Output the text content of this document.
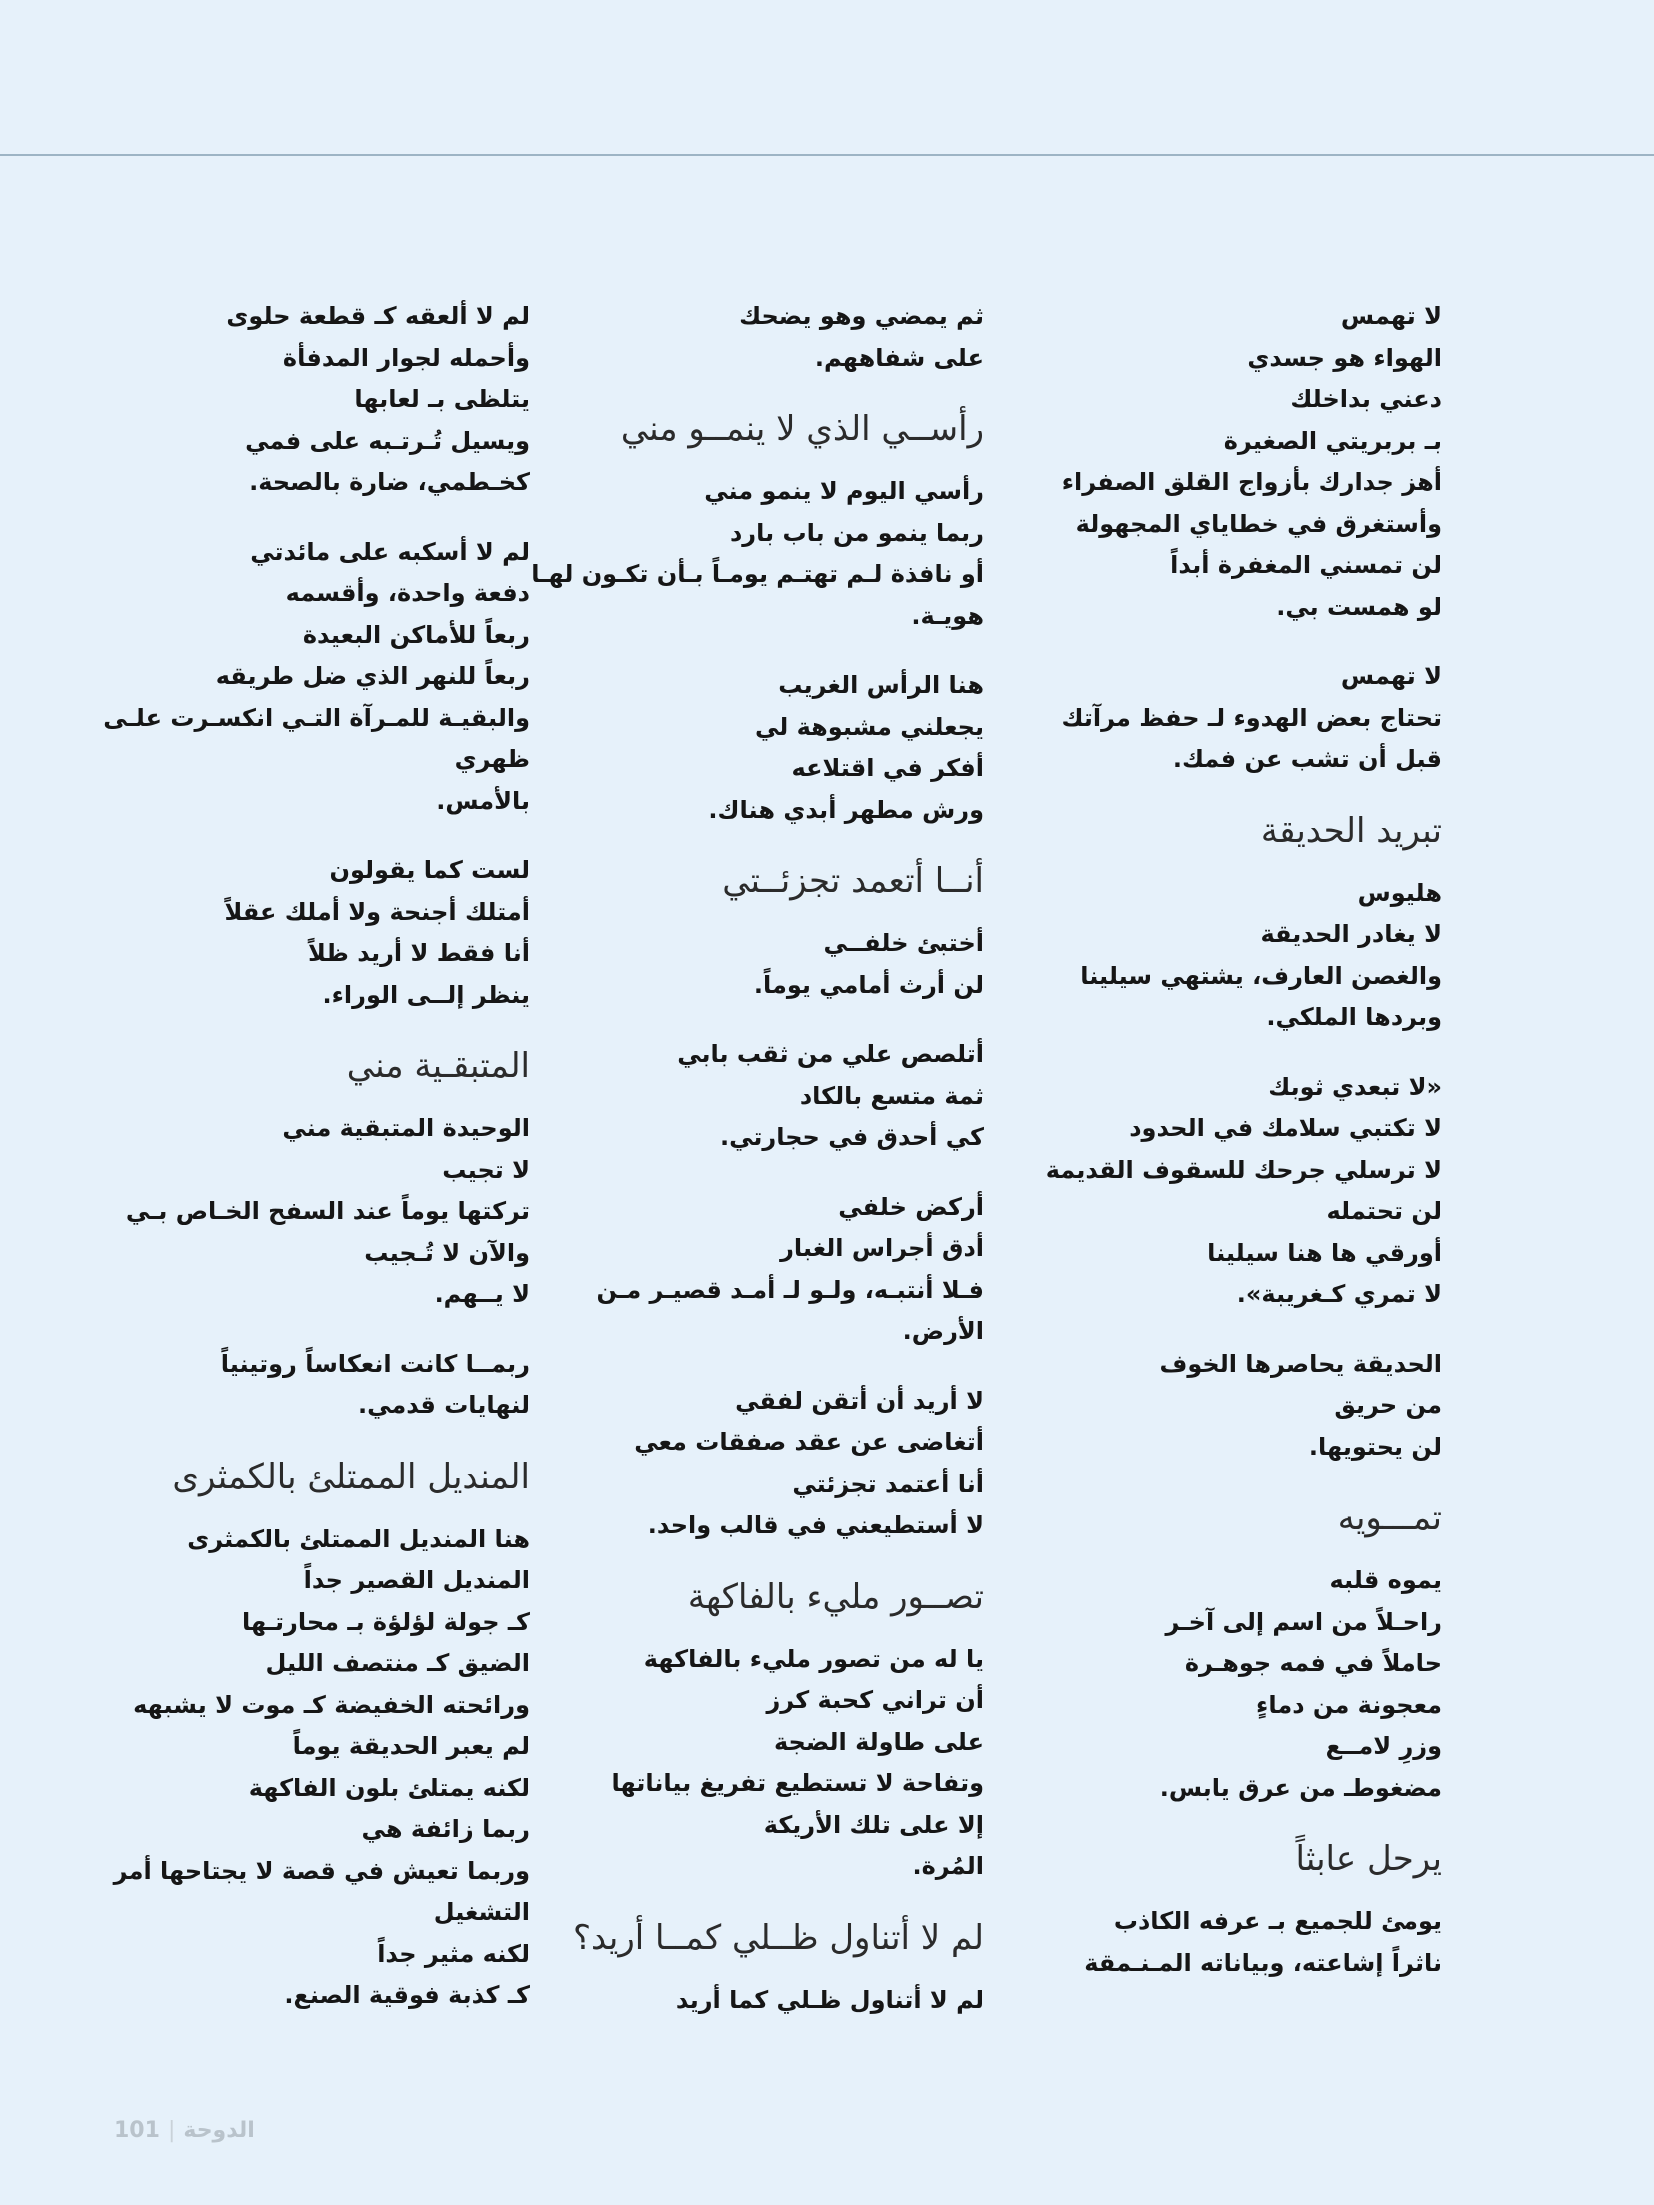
لا تهمس
الهواء هو جسدي
دعني بداخلك
بـ بربريتي الصغيرة
أهز جدارك بأزواج القلق الصفراء
وأستغرق في خطاياي المجهولة
لن تمسني المغفرة أبداً
لو همست بي.
لا تهمس
تحتاج بعض الهدوء لـ حفظ مرآتك
قبل أن تشب عن فمك.
تبريد الحديقة
هليوس
لا يغادر الحديقة
والغصن العارف، يشتهي سيلينا
وبردها الملكي.
«لا تبعدي ثوبك
لا تكتبي سلامك في الحدود
لا ترسلي جرحك للسقوف القديمة
لن تحتمله
أورقي ها هنا سيلينا
لا تمري كـغريبة».
الحديقة يحاصرها الخوف
من حريق
لن يحتويها.
تمـــويه
يموه قلبه
راحـلاً من اسم إلى آخـر
حاملاً في فمه جوهـرة
معجونة من دماءٍ
وزرِ لامــع
مضغوطـ من عرق يابس.
يرحل عابثاً
يومئ للجميع بـ عرفه الكاذب
ناثراً إشاعته، وبياناته المـنـمقة
ثم يمضي وهو يضحك
على شفاههم.
رأســي الذي لا ينمــو مني
رأسي اليوم لا ينمو مني
ربما ينمو من باب بارد
أو نافذة لـم تهتـم يومـاً بـأن تكـون لهـا
هويـة.
هنا الرأس الغريب
يجعلني مشبوهة لي
أفكر في اقتلاعه
ورش مطهر أبدي هناك.
أنــا أتعمد تجزئــتي
أختبئ خلفــي
لن أرث أمامي يوماً.
أتلصص علي من ثقب بابي
ثمة متسع بالكاد
كي أحدق في حجارتي.
أركض خلفي
أدق أجراس الغبار
فـلا أنتبـه، ولـو لـ أمـد قصيـر مـن
الأرض.
لا أريد أن أتقن لفقي
أتغاضى عن عقد صفقات معي
أنا أعتمد تجزئتي
لا أستطيعني في قالب واحد.
تصــور مليء بالفاكهة
يا له من تصور مليء بالفاكهة
أن تراني كحبة كرز
على طاولة الضجة
وتفاحة لا تستطيع تفريغ بياناتها
إلا على تلك الأريكة
المُرة.
لم لا أتناول ظــلي كمــا أريد؟
لم لا أتناول ظـلي كما أريد
لم لا ألعقه كـ قطعة حلوى
وأحمله لجوار المدفأة
يتلظى بـ لعابها
ويسيل تُـرتـبه على فمي
كخـطمي، ضارة بالصحة.
لم لا أسكبه على مائدتي
دفعة واحدة، وأقسمه
ربعاً للأماكن البعيدة
ربعاً للنهر الذي ضل طريقه
والبقيـة للمـرآة التـي انكسـرت علـى
ظهري
بالأمس.
لست كما يقولون
أمتلك أجنحة ولا أملك عقلاً
أنا فقط لا أريد ظلاً
ينظر إلــى الوراء.
المتبقـية مني
الوحيدة المتبقية مني
لا تجيب
تركتها يوماً عند السفح الخـاص بـي
والآن لا تُـجيب
لا يــهم.
ربمــا كانت انعكاساً روتينياً
لنهايات قدمي.
المنديل الممتلئ بالكمثرى
هنا المنديل الممتلئ بالكمثرى
المنديل القصير جداً
كـ جولة لؤلؤة بـ محارتـها
الضيق كـ منتصف الليل
ورائحته الخفيضة كـ موت لا يشبهه
لم يعبر الحديقة يوماً
لكنه يمتلئ بلون الفاكهة
ربما زائفة هي
وربما تعيش في قصة لا يجتاحها أمر
التشغيل
لكنه مثير جداً
كـ كذبة فوقية الصنع.
101 | الدوحة
